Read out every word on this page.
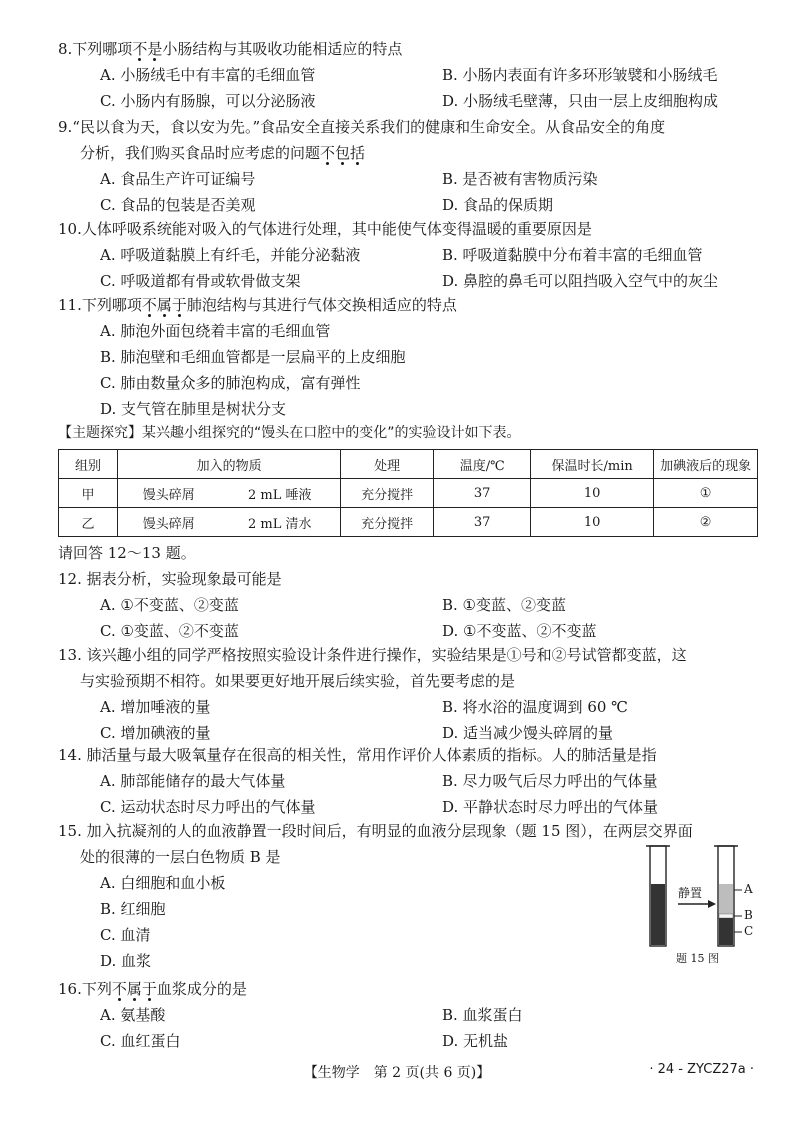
8.下列哪项不是小肠结构与其吸收功能相适应的特点
A. 小肠绒毛中有丰富的毛细血管	B. 小肠内表面有许多环形皱襞和小肠绒毛
C. 小肠内有肠腺，可以分泌肠液	D. 小肠绒毛壁薄，只由一层上皮细胞构成
9.“民以食为天，食以安为先。”食品安全直接关系我们的健康和生命安全。从食品安全的角度
分析，我们购买食品时应考虑的问题不包括
A. 食品生产许可证编号	B. 是否被有害物质污染
C. 食品的包装是否美观	D. 食品的保质期
10.人体呼吸系统能对吸入的气体进行处理，其中能使气体变得温暖的重要原因是
A. 呼吸道黏膜上有纤毛，并能分泌黏液	B. 呼吸道黏膜中分布着丰富的毛细血管
C. 呼吸道都有骨或软骨做支架	D. 鼻腔的鼻毛可以阻挡吸入空气中的灰尘
11.下列哪项不属于肺泡结构与其进行气体交换相适应的特点
A. 肺泡外面包绕着丰富的毛细血管
B. 肺泡壁和毛细血管都是一层扁平的上皮细胞
C. 肺由数量众多的肺泡构成，富有弹性
D. 支气管在肺里是树状分支
【主题探究】某兴趣小组探究的“馒头在口腔中的变化”的实验设计如下表。
组别	加入的物质		处理	温度/℃	保温时长/min	加碘液后的现象
甲	馒头碎屑	2 mL 唾液	充分搅拌	37	10	①
乙	馒头碎屑	2 mL 清水	充分搅拌	37	10	②
请回答 12～13 题。
12. 据表分析，实验现象最可能是
A. ①不变蓝、②变蓝	B. ①变蓝、②变蓝
C. ①变蓝、②不变蓝	D. ①不变蓝、②不变蓝
13. 该兴趣小组的同学严格按照实验设计条件进行操作，实验结果是①号和②号试管都变蓝，这
与实验预期不相符。如果要更好地开展后续实验，首先要考虑的是
A. 增加唾液的量	B. 将水浴的温度调到 60 ℃
C. 增加碘液的量	D. 适当减少馒头碎屑的量
14. 肺活量与最大吸氧量存在很高的相关性，常用作评价人体素质的指标。人的肺活量是指
A. 肺部能储存的最大气体量	B. 尽力吸气后尽力呼出的气体量
C. 运动状态时尽力呼出的气体量	D. 平静状态时尽力呼出的气体量
15. 加入抗凝剂的人的血液静置一段时间后，有明显的血液分层现象（题 15 图），在两层交界面
处的很薄的一层白色物质 B 是
A. 白细胞和血小板
B. 红细胞
C. 血清
D. 血浆
静置	A
B
C
题 15 图
16.下列不属于血浆成分的是
A. 氨基酸	B. 血浆蛋白
C. 血红蛋白	D. 无机盐
【生物学　第 2 页(共 6 页)】	· 24 - ZYCZ27a ·
